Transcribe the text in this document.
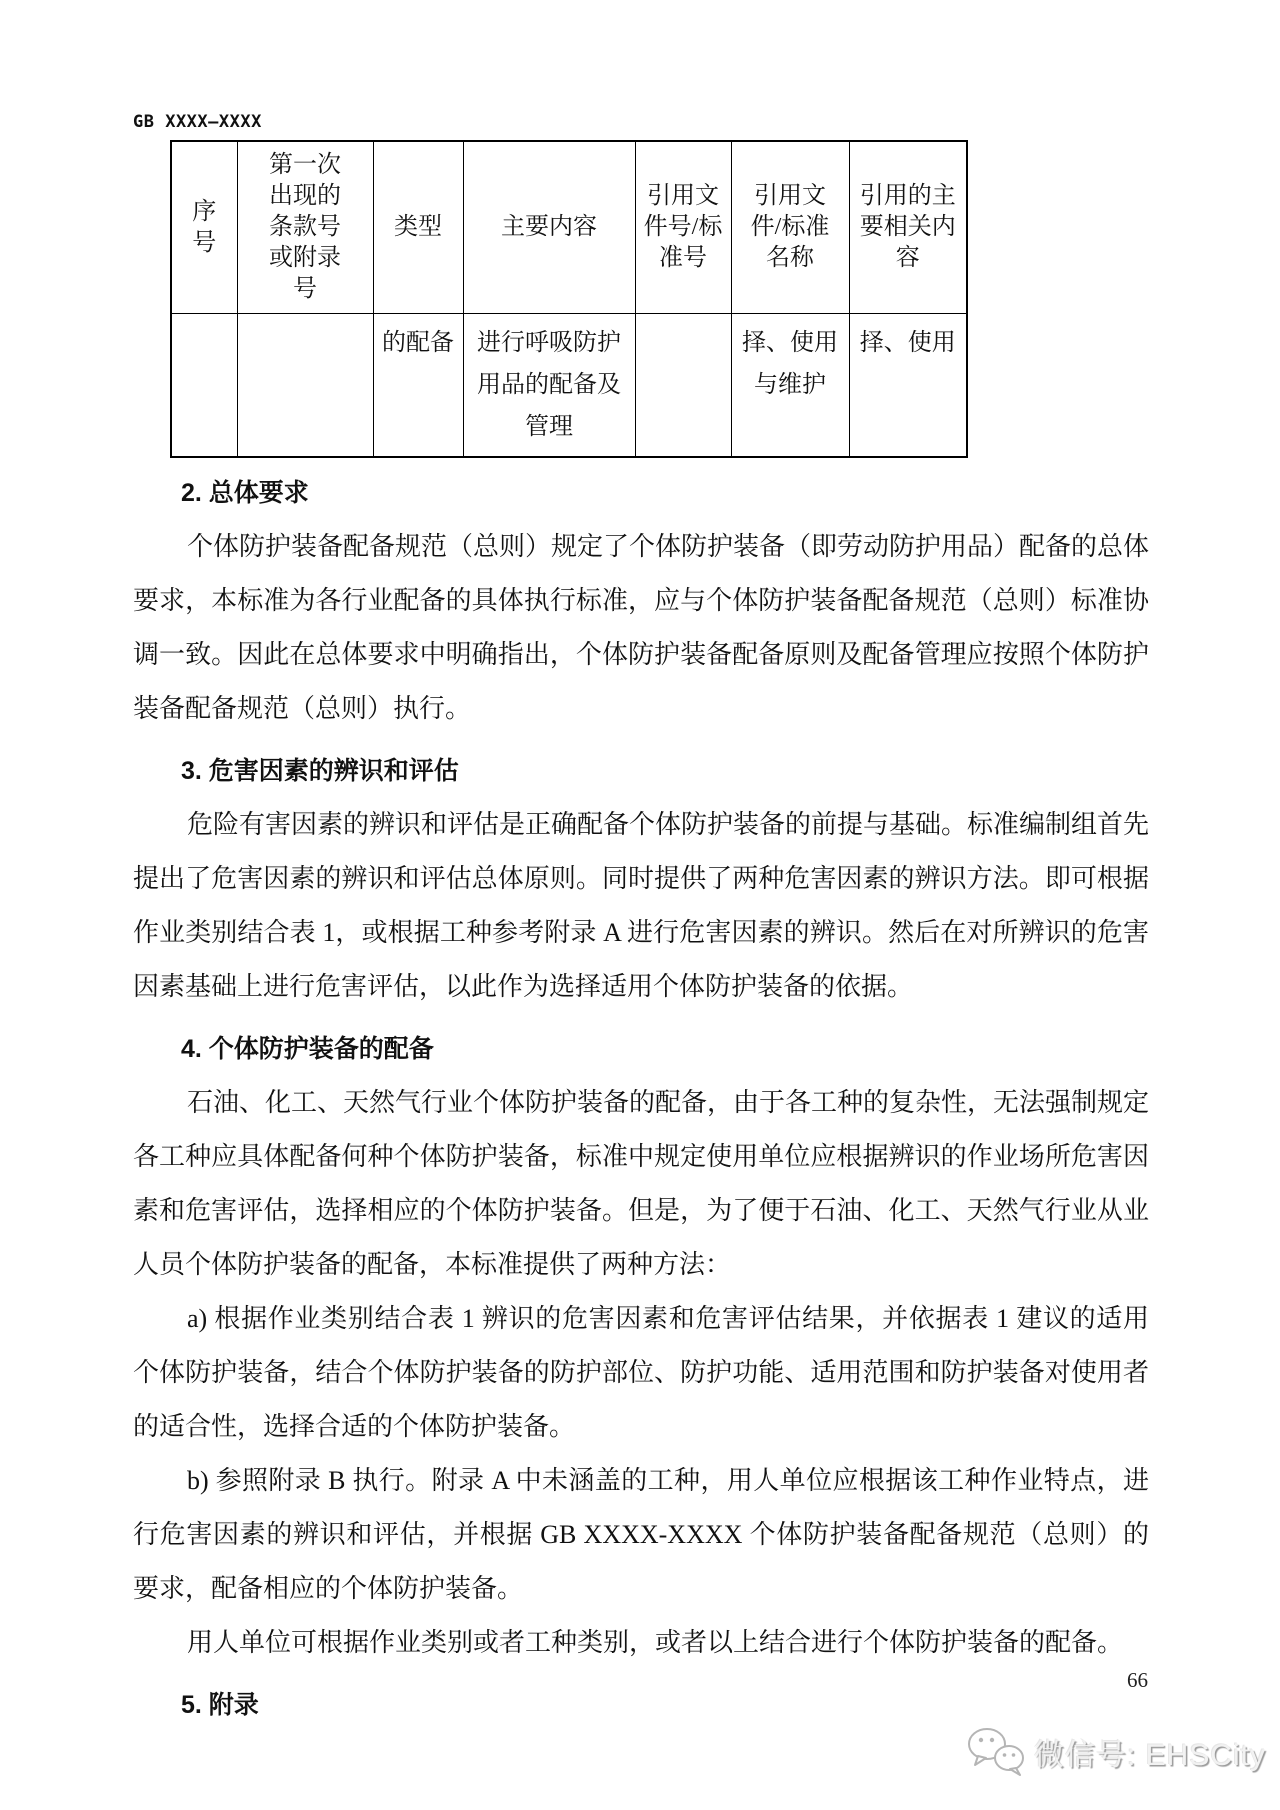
GB XXXX—XXXX
序号	第一次出现的条款号或附录号	类型	主要内容	引用文件号/标准号	引用文件/标准名称	引用的主要相关内容
		的配备	进行呼吸防护用品的配备及管理		择、使用与维护	择、使用
2. 总体要求

个体防护装备配备规范（总则）规定了个体防护装备（即劳动防护用品）配备的总体要求，本标准为各行业配备的具体执行标准，应与个体防护装备配备规范（总则）标准协调一致。因此在总体要求中明确指出，个体防护装备配备原则及配备管理应按照个体防护装备配备规范（总则）执行。

3. 危害因素的辨识和评估

危险有害因素的辨识和评估是正确配备个体防护装备的前提与基础。标准编制组首先提出了危害因素的辨识和评估总体原则。同时提供了两种危害因素的辨识方法。即可根据作业类别结合表 1，或根据工种参考附录 A 进行危害因素的辨识。然后在对所辨识的危害因素基础上进行危害评估，以此作为选择适用个体防护装备的依据。

4. 个体防护装备的配备

石油、化工、天然气行业个体防护装备的配备，由于各工种的复杂性，无法强制规定各工种应具体配备何种个体防护装备，标准中规定使用单位应根据辨识的作业场所危害因素和危害评估，选择相应的个体防护装备。但是，为了便于石油、化工、天然气行业从业人员个体防护装备的配备，本标准提供了两种方法：

a) 根据作业类别结合表 1 辨识的危害因素和危害评估结果，并依据表 1 建议的适用个体防护装备，结合个体防护装备的防护部位、防护功能、适用范围和防护装备对使用者的适合性，选择合适的个体防护装备。

b) 参照附录 B 执行。附录 A 中未涵盖的工种，用人单位应根据该工种作业特点，进行危害因素的辨识和评估，并根据 GB XXXX-XXXX 个体防护装备配备规范（总则）的要求，配备相应的个体防护装备。

用人单位可根据作业类别或者工种类别，或者以上结合进行个体防护装备的配备。

5. 附录
66
微信号: EHSCity
